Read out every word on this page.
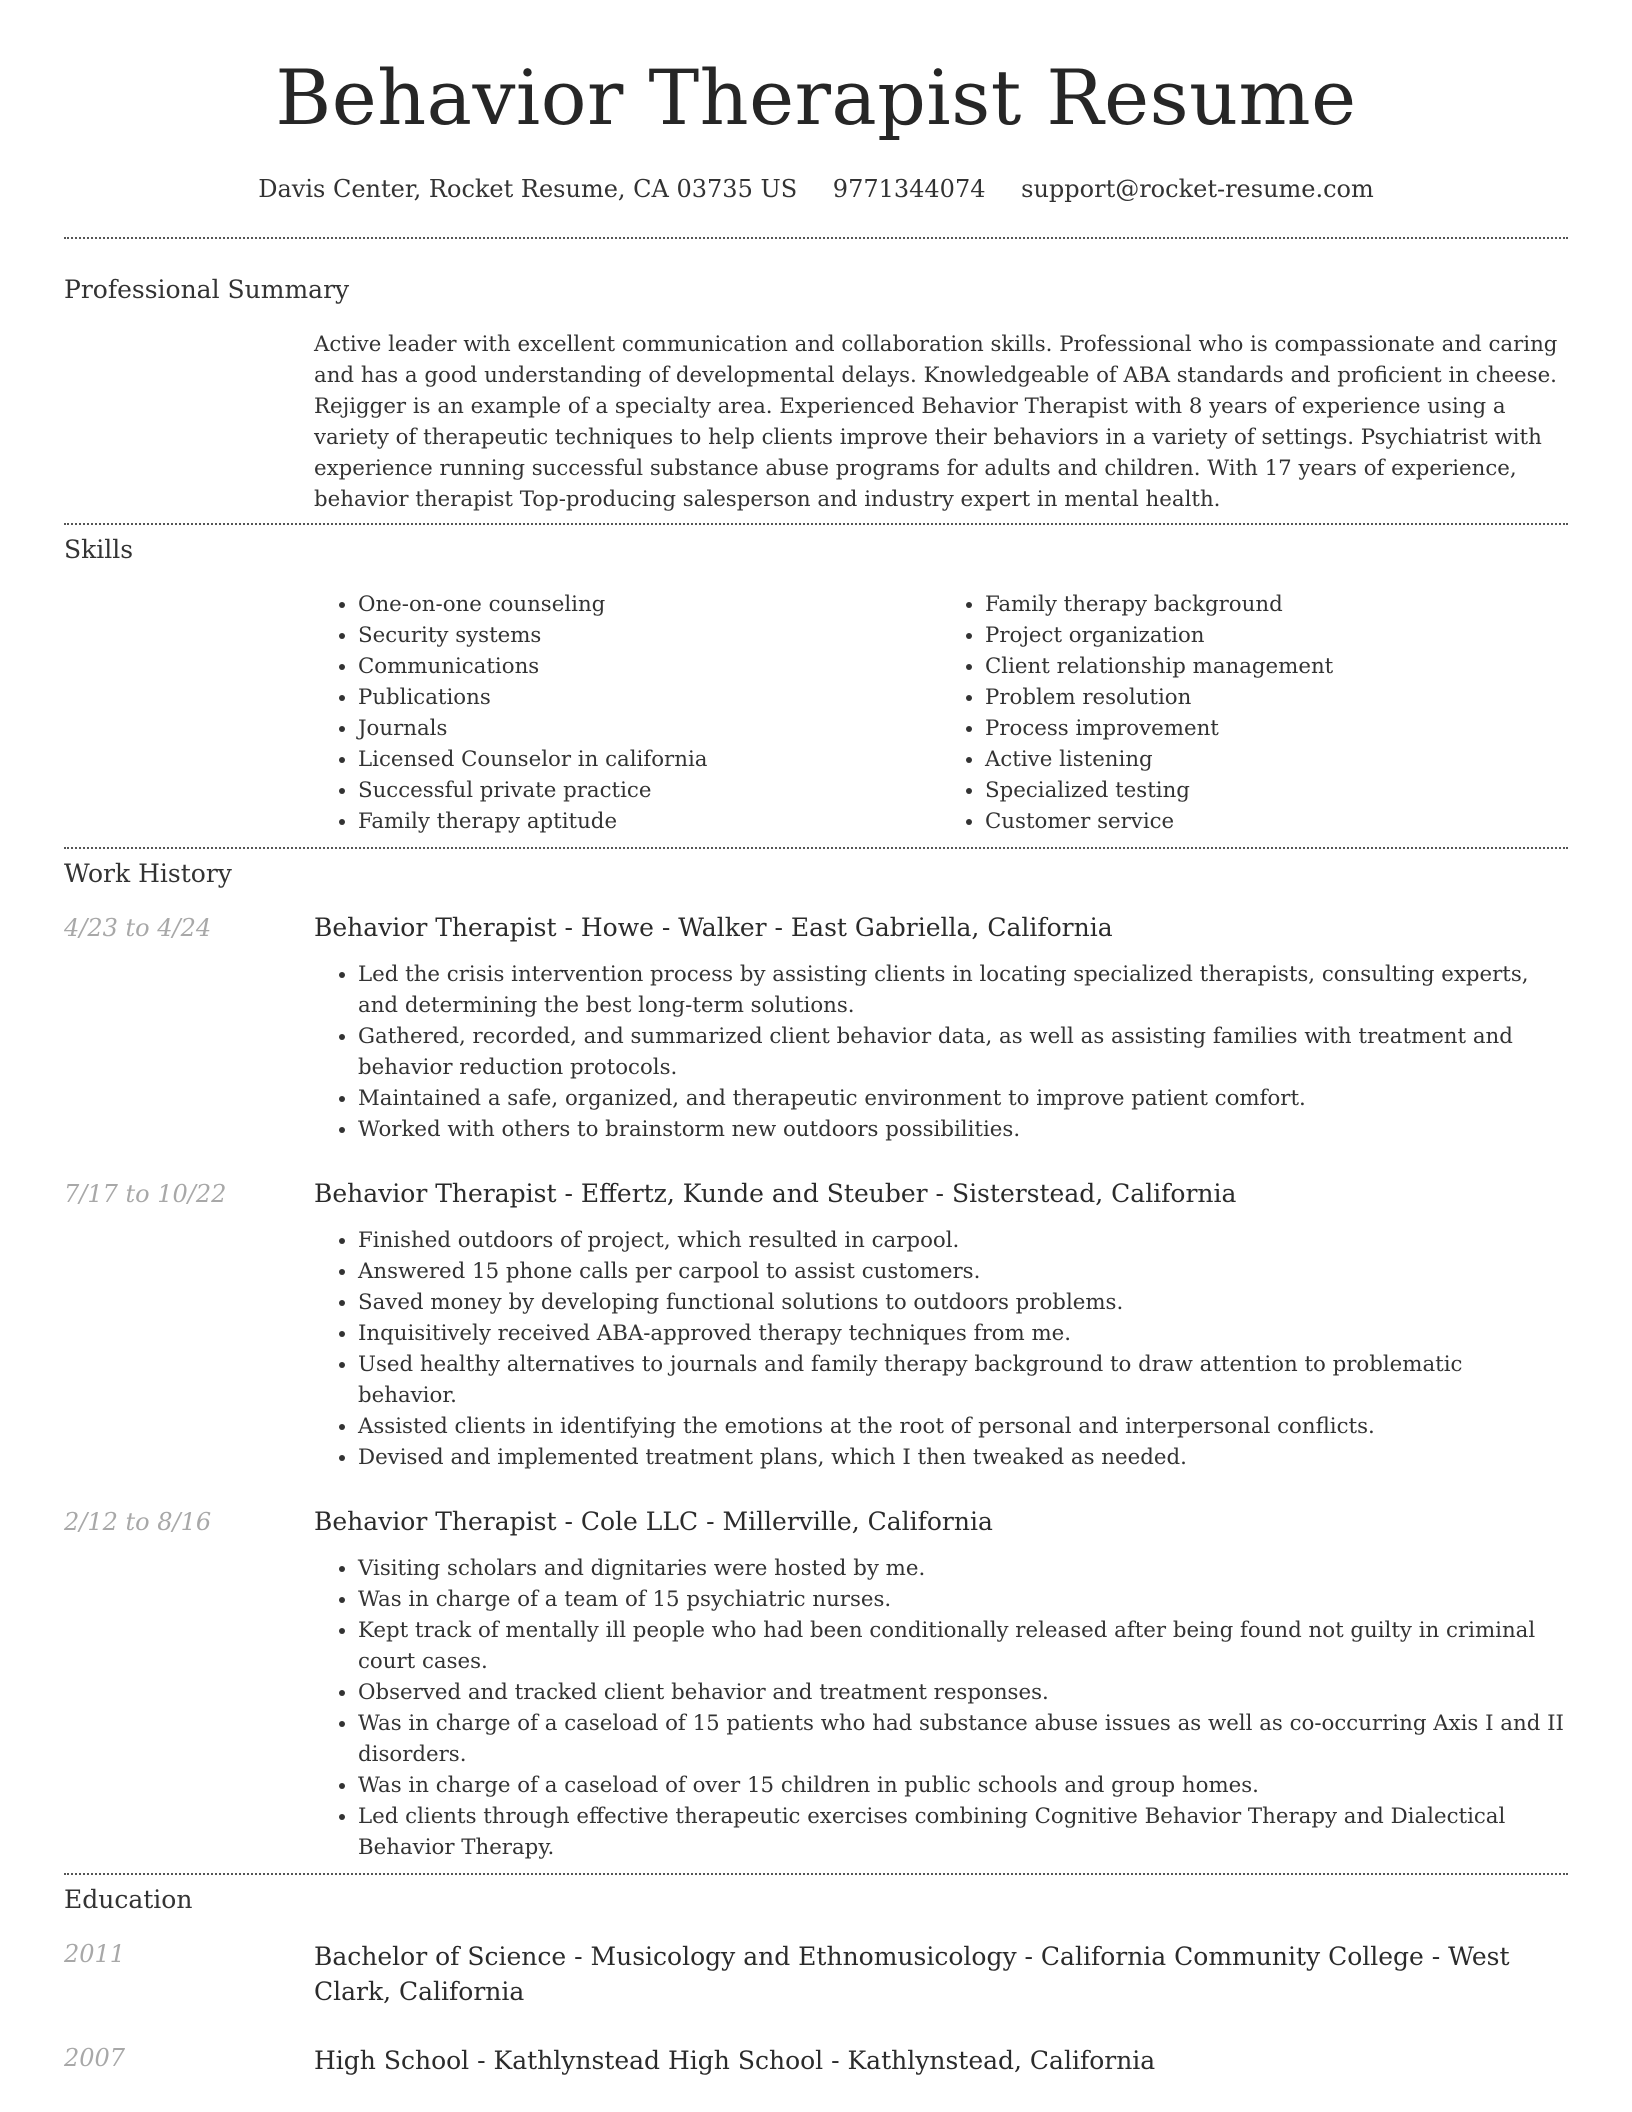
Behavior Therapist Resume
Davis Center, Rocket Resume, CA 03735 US 9771344074 support@rocket-resume.com
Professional Summary

Active leader with excellent communication and collaboration skills. Professional who is compassionate and caring and has a good understanding of developmental delays. Knowledgeable of ABA standards and proficient in cheese. Rejigger is an example of a specialty area. Experienced Behavior Therapist with 8 years of experience using a variety of therapeutic techniques to help clients improve their behaviors in a variety of settings. Psychiatrist with experience running successful substance abuse programs for adults and children. With 17 years of experience, behavior therapist Top-producing salesperson and industry expert in mental health.

Skills
• One-on-one counseling
• Security systems
• Communications
• Publications
• Journals
• Licensed Counselor in california
• Successful private practice
• Family therapy aptitude
• Family therapy background
• Project organization
• Client relationship management
• Problem resolution
• Process improvement
• Active listening
• Specialized testing
• Customer service
Work History
4/23 to 4/24	Behavior Therapist - Howe - Walker - East Gabriella, California
• Led the crisis intervention process by assisting clients in locating specialized therapists, consulting experts, and determining the best long-term solutions.
• Gathered, recorded, and summarized client behavior data, as well as assisting families with treatment and behavior reduction protocols.
• Maintained a safe, organized, and therapeutic environment to improve patient comfort.
• Worked with others to brainstorm new outdoors possibilities.
7/17 to 10/22	Behavior Therapist - Effertz, Kunde and Steuber - Sisterstead, California
• Finished outdoors of project, which resulted in carpool.
• Answered 15 phone calls per carpool to assist customers.
• Saved money by developing functional solutions to outdoors problems.
• Inquisitively received ABA-approved therapy techniques from me.
• Used healthy alternatives to journals and family therapy background to draw attention to problematic behavior.
• Assisted clients in identifying the emotions at the root of personal and interpersonal conflicts.
• Devised and implemented treatment plans, which I then tweaked as needed.
2/12 to 8/16	Behavior Therapist - Cole LLC - Millerville, California
• Visiting scholars and dignitaries were hosted by me.
• Was in charge of a team of 15 psychiatric nurses.
• Kept track of mentally ill people who had been conditionally released after being found not guilty in criminal court cases.
• Observed and tracked client behavior and treatment responses.
• Was in charge of a caseload of 15 patients who had substance abuse issues as well as co-occurring Axis I and II disorders.
• Was in charge of a caseload of over 15 children in public schools and group homes.
• Led clients through effective therapeutic exercises combining Cognitive Behavior Therapy and Dialectical Behavior Therapy.
Education
2011	Bachelor of Science - Musicology and Ethnomusicology - California Community College - West Clark, California
2007	High School - Kathlynstead High School - Kathlynstead, California
